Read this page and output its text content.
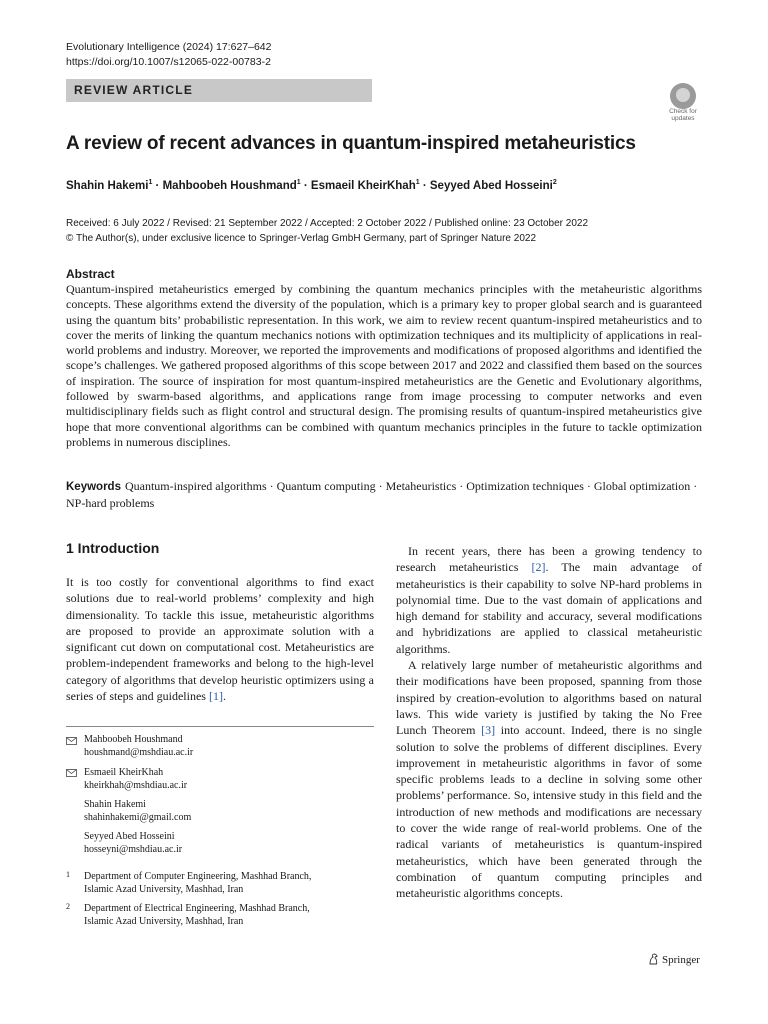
Evolutionary Intelligence (2024) 17:627–642
https://doi.org/10.1007/s12065-022-00783-2
REVIEW ARTICLE
Check for updates
A review of recent advances in quantum-inspired metaheuristics
Shahin Hakemi$^1$ · Mahboobeh Houshmand$^1$ · Esmaeil KheirKhah$^1$ · Seyyed Abed Hosseini$^2$
Received: 6 July 2022 / Revised: 21 September 2022 / Accepted: 2 October 2022 / Published online: 23 October 2022
© The Author(s), under exclusive licence to Springer-Verlag GmbH Germany, part of Springer Nature 2022
Abstract
Quantum-inspired metaheuristics emerged by combining the quantum mechanics principles with the metaheuristic algorithms concepts. These algorithms extend the diversity of the population, which is a primary key to proper global search and is guaranteed using the quantum bits’ probabilistic representation. In this work, we aim to review recent quantum-inspired metaheuristics and to cover the merits of linking the quantum mechanics notions with optimization techniques and its multiplicity of applications in real-world problems and industry. Moreover, we reported the improvements and modifications of proposed algorithms and identified the scope’s challenges. We gathered proposed algorithms of this scope between 2017 and 2022 and classified them based on the sources of inspiration. The source of inspiration for most quantum-inspired metaheuristics are the Genetic and Evolutionary algorithms, followed by swarm-based algorithms, and applications range from image processing to computer networks and even multidisciplinary fields such as flight control and structural design. The promising results of quantum-inspired metaheuristics give hope that more conventional algorithms can be combined with quantum mechanics principles in the future to tackle optimization problems in numerous disciplines.
Keywords Quantum-inspired algorithms · Quantum computing · Metaheuristics · Optimization techniques · Global optimization · NP-hard problems
1 Introduction
It is too costly for conventional algorithms to find exact solutions due to real-world problems’ complexity and high dimensionality. To tackle this issue, metaheuristic algorithms are proposed to provide an approximate solution with a significant cut down on computational cost. Metaheuristics are problem-independent frameworks and belong to the high-level category of algorithms that develop heuristic optimizers using a series of steps and guidelines [1].
Mahboobeh Houshmand
houshmand@mshdiau.ac.ir
Esmaeil KheirKhah
kheirkhah@mshdiau.ac.ir
Shahin Hakemi
shahinhakemi@gmail.com
Seyyed Abed Hosseini
hosseyni@mshdiau.ac.ir
1 Department of Computer Engineering, Mashhad Branch,
Islamic Azad University, Mashhad, Iran
2 Department of Electrical Engineering, Mashhad Branch,
Islamic Azad University, Mashhad, Iran

In recent years, there has been a growing tendency to research metaheuristics [2]. The main advantage of metaheuristics is their capability to solve NP-hard problems in polynomial time. Due to the vast domain of applications and high demand for stability and accuracy, several modifications and hybridizations are applied to classical metaheuristic algorithms.

A relatively large number of metaheuristic algorithms and their modifications have been proposed, spanning from those inspired by creation-evolution to algorithms based on natural laws. This wide variety is justified by taking the No Free Lunch Theorem [3] into account. Indeed, there is no single solution to solve the problems of different disciplines. Every improvement in metaheuristic algorithms in favor of some specific problems leads to a decline in solving some other problems’ performance. So, intensive study in this field and the introduction of new methods and modifications are necessary to cover the wide range of real-world problems. One of the radical variants of metaheuristics is quantum-inspired metaheuristics, which have been generated through the combination of quantum computing principles and metaheuristic algorithms concepts.

Springer
